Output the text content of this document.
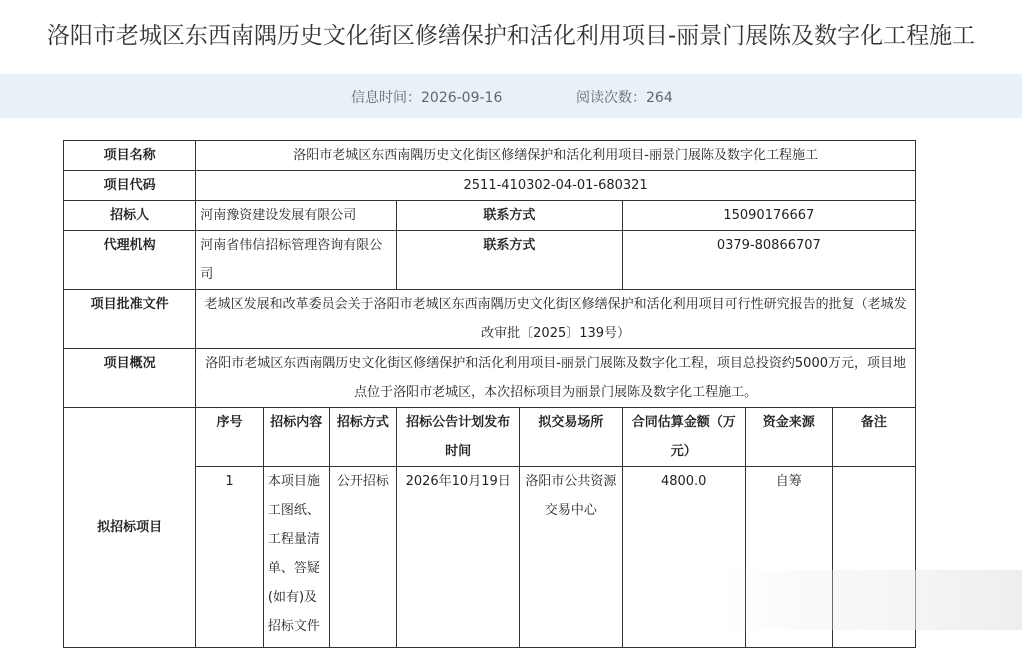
洛阳市老城区东西南隅历史文化街区修缮保护和活化利用项目-丽景门展陈及数字化工程施工
信息时间：2026-09-16	阅读次数：264
项目名称	洛阳市老城区东西南隅历史文化街区修缮保护和活化利用项目-丽景门展陈及数字化工程施工							
项目代码	2511-410302-04-01-680321							
招标人	河南豫资建设发展有限公司			联系方式		15090176667		
代理机构	河南省伟信招标管理咨询有限公司			联系方式		0379-80866707		
项目批准文件	老城区发展和改革委员会关于洛阳市老城区东西南隅历史文化街区修缮保护和活化利用项目可行性研究报告的批复（老城发改审批〔2025〕139号）							
项目概况	洛阳市老城区东西南隅历史文化街区修缮保护和活化利用项目-丽景门展陈及数字化工程，项目总投资约5000万元，项目地点位于洛阳市老城区，本次招标项目为丽景门展陈及数字化工程施工。							
拟招标项目	序号	招标内容	招标方式	招标公告计划发布时间	拟交易场所	合同估算金额（万元）	资金来源	备注
	1	本项目施工图纸、工程量清单、答疑(如有)及招标文件	公开招标	2026年10月19日	洛阳市公共资源交易中心	4800.0	自筹	
